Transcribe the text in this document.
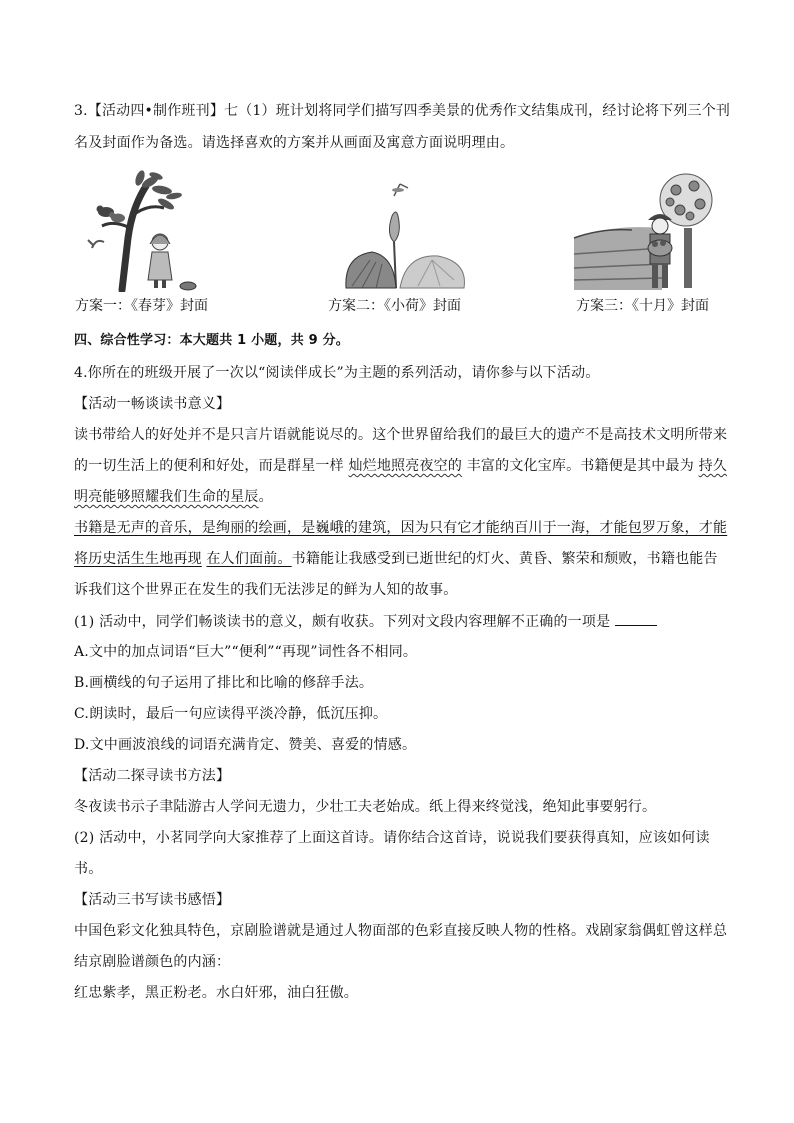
3.【活动四•制作班刊】七（1）班计划将同学们描写四季美景的优秀作文结集成刊，经讨论将下列三个刊
名及封面作为备选。请选择喜欢的方案并从画面及寓意方面说明理由。
方案一：《春芽》封面	方案二：《小荷》封面	方案三：《十月》封面
四、综合性学习：本大题共 1 小题，共 9 分。
4.你所在的班级开展了一次以“阅读伴成长”为主题的系列活动，请你参与以下活动。
【活动一畅谈读书意义】
读书带给人的好处并不是只言片语就能说尽的。这个世界留给我们的最巨大的遗产不是高技术文明所带来
的一切生活上的便利和好处，而是群星一样 灿烂地照亮夜空的 丰富的文化宝库。书籍便是其中最为 持久
明亮能够照耀我们生命的星辰。
书籍是无声的音乐，是绚丽的绘画，是巍峨的建筑，因为只有它才能纳百川于一海，才能包罗万象，才能
将历史活生生地再现 在人们面前。书籍能让我感受到已逝世纪的灯火、黄昏、繁荣和颓败，书籍也能告
诉我们这个世界正在发生的我们无法涉足的鲜为人知的故事。
(1) 活动中，同学们畅谈读书的意义，颇有收获。下列对文段内容理解不正确的一项是
A.文中的加点词语“巨大”“便利”“再现”词性各不相同。
B.画横线的句子运用了排比和比喻的修辞手法。
C.朗读时，最后一句应读得平淡冷静，低沉压抑。
D.文中画波浪线的词语充满肯定、赞美、喜爱的情感。
【活动二探寻读书方法】
冬夜读书示子聿陆游古人学问无遗力，少壮工夫老始成。纸上得来终觉浅，绝知此事要躬行。
(2) 活动中，小茗同学向大家推荐了上面这首诗。请你结合这首诗，说说我们要获得真知，应该如何读
书。
【活动三书写读书感悟】
中国色彩文化独具特色，京剧脸谱就是通过人物面部的色彩直接反映人物的性格。戏剧家翁偶虹曾这样总
结京剧脸谱颜色的内涵：
红忠紫孝，黑正粉老。水白奸邪，油白狂傲。
